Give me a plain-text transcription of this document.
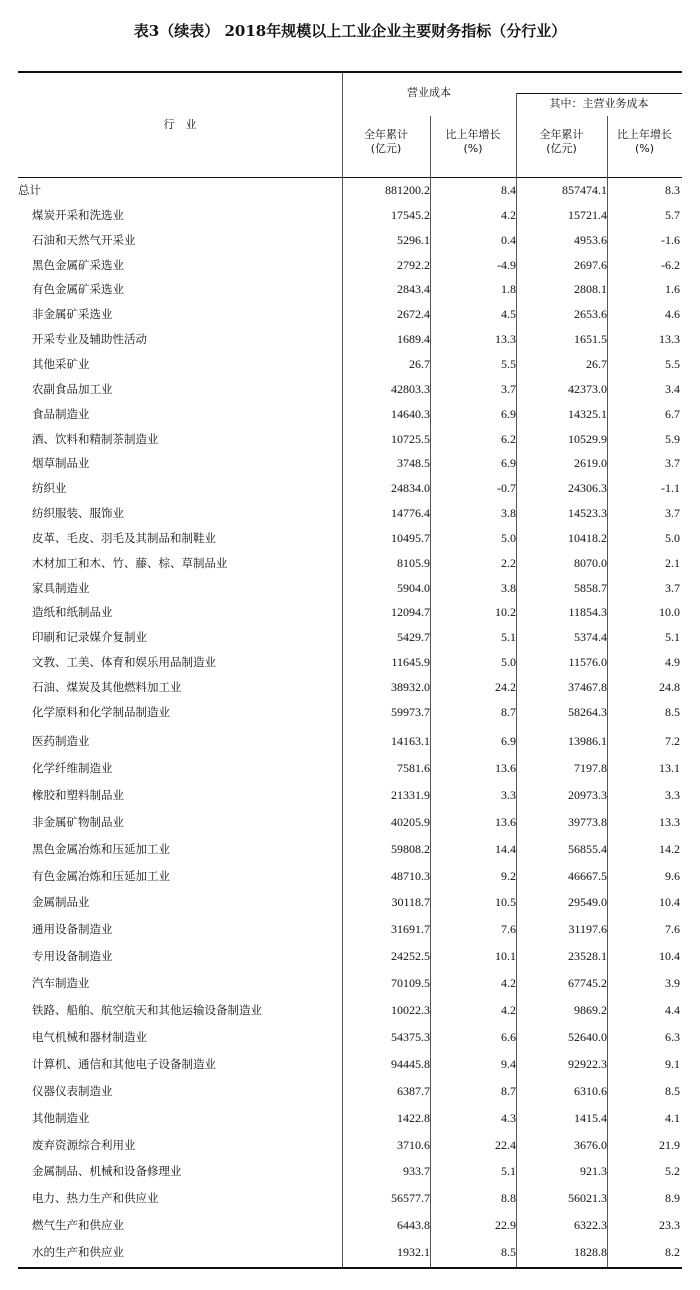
表3（续表） 2018年规模以上工业企业主要财务指标（分行业）
行　业
营业成本
其中：主营业务成本
全年累计
(亿元)
比上年增长
(%)
全年累计
(亿元)
比上年增长
(%)
总计	881200.2	8.4	857474.1	8.3
煤炭开采和洗选业	17545.2	4.2	15721.4	5.7
石油和天然气开采业	5296.1	0.4	4953.6	-1.6
黑色金属矿采选业	2792.2	-4.9	2697.6	-6.2
有色金属矿采选业	2843.4	1.8	2808.1	1.6
非金属矿采选业	2672.4	4.5	2653.6	4.6
开采专业及辅助性活动	1689.4	13.3	1651.5	13.3
其他采矿业	26.7	5.5	26.7	5.5
农副食品加工业	42803.3	3.7	42373.0	3.4
食品制造业	14640.3	6.9	14325.1	6.7
酒、饮料和精制茶制造业	10725.5	6.2	10529.9	5.9
烟草制品业	3748.5	6.9	2619.0	3.7
纺织业	24834.0	-0.7	24306.3	-1.1
纺织服装、服饰业	14776.4	3.8	14523.3	3.7
皮革、毛皮、羽毛及其制品和制鞋业	10495.7	5.0	10418.2	5.0
木材加工和木、竹、藤、棕、草制品业	8105.9	2.2	8070.0	2.1
家具制造业	5904.0	3.8	5858.7	3.7
造纸和纸制品业	12094.7	10.2	11854.3	10.0
印刷和记录媒介复制业	5429.7	5.1	5374.4	5.1
文教、工美、体育和娱乐用品制造业	11645.9	5.0	11576.0	4.9
石油、煤炭及其他燃料加工业	38932.0	24.2	37467.8	24.8
化学原料和化学制品制造业	59973.7	8.7	58264.3	8.5
医药制造业	14163.1	6.9	13986.1	7.2
化学纤维制造业	7581.6	13.6	7197.8	13.1
橡胶和塑料制品业	21331.9	3.3	20973.3	3.3
非金属矿物制品业	40205.9	13.6	39773.8	13.3
黑色金属冶炼和压延加工业	59808.2	14.4	56855.4	14.2
有色金属冶炼和压延加工业	48710.3	9.2	46667.5	9.6
金属制品业	30118.7	10.5	29549.0	10.4
通用设备制造业	31691.7	7.6	31197.6	7.6
专用设备制造业	24252.5	10.1	23528.1	10.4
汽车制造业	70109.5	4.2	67745.2	3.9
铁路、船舶、航空航天和其他运输设备制造业	10022.3	4.2	9869.2	4.4
电气机械和器材制造业	54375.3	6.6	52640.0	6.3
计算机、通信和其他电子设备制造业	94445.8	9.4	92922.3	9.1
仪器仪表制造业	6387.7	8.7	6310.6	8.5
其他制造业	1422.8	4.3	1415.4	4.1
废弃资源综合利用业	3710.6	22.4	3676.0	21.9
金属制品、机械和设备修理业	933.7	5.1	921.3	5.2
电力、热力生产和供应业	56577.7	8.8	56021.3	8.9
燃气生产和供应业	6443.8	22.9	6322.3	23.3
水的生产和供应业	1932.1	8.5	1828.8	8.2
